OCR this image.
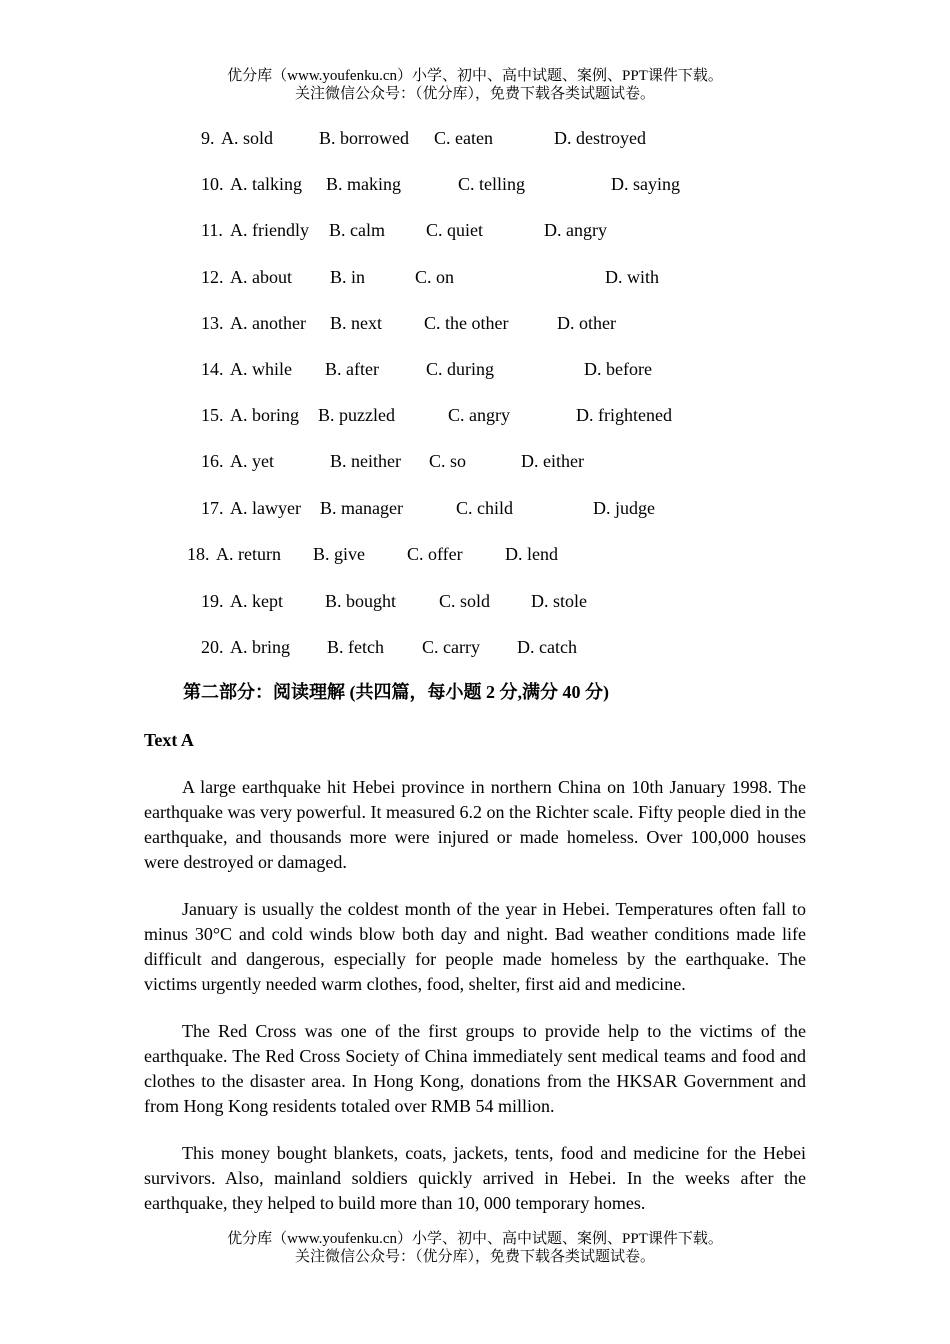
优分库（www.youfenku.cn）小学、初中、高中试题、案例、PPT课件下载。
关注微信公众号：（优分库），免费下载各类试题试卷。
9. A. sold	B. borrowed C. eaten	D. destroyed
10. A. talking B. making	C. telling	D. saying
11. A. friendly B. calm C. quiet	D. angry
12. A. about B. in	C. on	D. with
13. A. another B. next C. the other	D. other
14. A. while B. after	C. during	D. before
15. A. boring B. puzzled	C. angry	D. frightened
16. A. yet	B. neither C. so	D. either
17. A. lawyer B. manager	C. child	D. judge
18. A. return B. give C. offer D. lend
19. A. kept B. bought C. sold D. stole
20. A. bring B. fetch C. carry D. catch
第二部分：阅读理解 (共四篇，每小题 2 分,满分 40 分)
Text A

A large earthquake hit Hebei province in northern China on 10th January 1998. The earthquake was very powerful. It measured 6.2 on the Richter scale. Fifty people died in the earthquake, and thousands more were injured or made homeless. Over 100,000 houses were destroyed or damaged.

January is usually the coldest month of the year in Hebei. Temperatures often fall to minus 30°C and cold winds blow both day and night. Bad weather conditions made life difficult and dangerous, especially for people made homeless by the earthquake. The victims urgently needed warm clothes, food, shelter, first aid and medicine.

The Red Cross was one of the first groups to provide help to the victims of the earthquake. The Red Cross Society of China immediately sent medical teams and food and clothes to the disaster area. In Hong Kong, donations from the HKSAR Government and from Hong Kong residents totaled over RMB 54 million.

This money bought blankets, coats, jackets, tents, food and medicine for the Hebei survivors. Also, mainland soldiers quickly arrived in Hebei. In the weeks after the earthquake, they helped to build more than 10, 000 temporary homes.

优分库（www.youfenku.cn）小学、初中、高中试题、案例、PPT课件下载。
关注微信公众号：（优分库），免费下载各类试题试卷。
